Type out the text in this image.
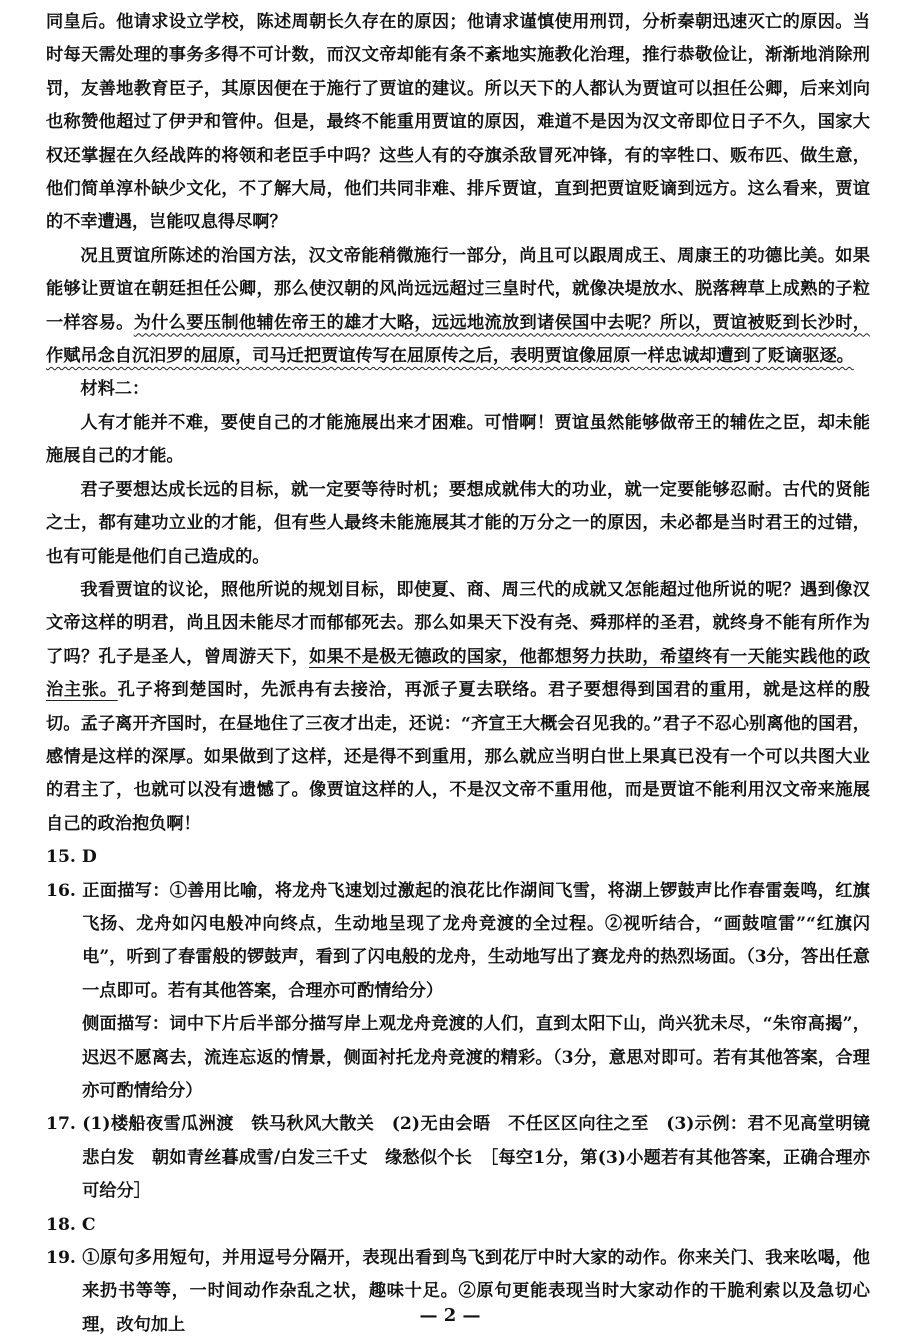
同皇后。他请求设立学校，陈述周朝长久存在的原因；他请求谨慎使用刑罚，分析秦朝迅速灭亡的原因。当时每天需处理的事务多得不可计数，而汉文帝却能有条不紊地实施教化治理，推行恭敬俭让，渐渐地消除刑罚，友善地教育臣子，其原因便在于施行了贾谊的建议。所以天下的人都认为贾谊可以担任公卿，后来刘向也称赞他超过了伊尹和管仲。但是，最终不能重用贾谊的原因，难道不是因为汉文帝即位日子不久，国家大权还掌握在久经战阵的将领和老臣手中吗？这些人有的夺旗杀敌冒死冲锋，有的宰牲口、贩布匹、做生意，他们简单淳朴缺少文化，不了解大局，他们共同非难、排斥贾谊，直到把贾谊贬谪到远方。这么看来，贾谊的不幸遭遇，岂能叹息得尽啊？

况且贾谊所陈述的治国方法，汉文帝能稍微施行一部分，尚且可以跟周成王、周康王的功德比美。如果能够让贾谊在朝廷担任公卿，那么使汉朝的风尚远远超过三皇时代，就像决堤放水、脱落稗草上成熟的子粒一样容易。为什么要压制他辅佐帝王的雄才大略，远远地流放到诸侯国中去呢？所以，贾谊被贬到长沙时，作赋吊念自沉汨罗的屈原，司马迁把贾谊传写在屈原传之后，表明贾谊像屈原一样忠诚却遭到了贬谪驱逐。

材料二：

人有才能并不难，要使自己的才能施展出来才困难。可惜啊！贾谊虽然能够做帝王的辅佐之臣，却未能施展自己的才能。

君子要想达成长远的目标，就一定要等待时机；要想成就伟大的功业，就一定要能够忍耐。古代的贤能之士，都有建功立业的才能，但有些人最终未能施展其才能的万分之一的原因，未必都是当时君王的过错，也有可能是他们自己造成的。

我看贾谊的议论，照他所说的规划目标，即使夏、商、周三代的成就又怎能超过他所说的呢？遇到像汉文帝这样的明君，尚且因未能尽才而郁郁死去。那么如果天下没有尧、舜那样的圣君，就终身不能有所作为了吗？孔子是圣人，曾周游天下，如果不是极无德政的国家，他都想努力扶助，希望终有一天能实践他的政治主张。孔子将到楚国时，先派冉有去接洽，再派子夏去联络。君子要想得到国君的重用，就是这样的殷切。孟子离开齐国时，在昼地住了三夜才出走，还说：“齐宣王大概会召见我的。”君子不忍心别离他的国君，感情是这样的深厚。如果做到了这样，还是得不到重用，那么就应当明白世上果真已没有一个可以共图大业的君主了，也就可以没有遗憾了。像贾谊这样的人，不是汉文帝不重用他，而是贾谊不能利用汉文帝来施展自己的政治抱负啊！

15. D

16. 正面描写：①善用比喻，将龙舟飞速划过激起的浪花比作湖间飞雪，将湖上锣鼓声比作春雷轰鸣，红旗飞扬、龙舟如闪电般冲向终点，生动地呈现了龙舟竞渡的全过程。②视听结合，“画鼓喧雷”“红旗闪电”，听到了春雷般的锣鼓声，看到了闪电般的龙舟，生动地写出了赛龙舟的热烈场面。（3分，答出任意一点即可。若有其他答案，合理亦可酌情给分）

侧面描写：词中下片后半部分描写岸上观龙舟竞渡的人们，直到太阳下山，尚兴犹未尽，“朱帘高揭”，迟迟不愿离去，流连忘返的情景，侧面衬托龙舟竞渡的精彩。（3分，意思对即可。若有其他答案，合理亦可酌情给分）

17. (1)楼船夜雪瓜洲渡　铁马秋风大散关　(2)无由会晤　不任区区向往之至　(3)示例：君不见高堂明镜悲白发　朝如青丝暮成雪/白发三千丈　缘愁似个长　［每空1分，第(3)小题若有其他答案，正确合理亦可给分］

18. C

19. ①原句多用短句，并用逗号分隔开，表现出看到鸟飞到花厅中时大家的动作。你来关门、我来吆喝，他来扔书等等，一时间动作杂乱之状，趣味十足。②原句更能表现当时大家动作的干脆利索以及急切心理，改句加上	— 2 —
